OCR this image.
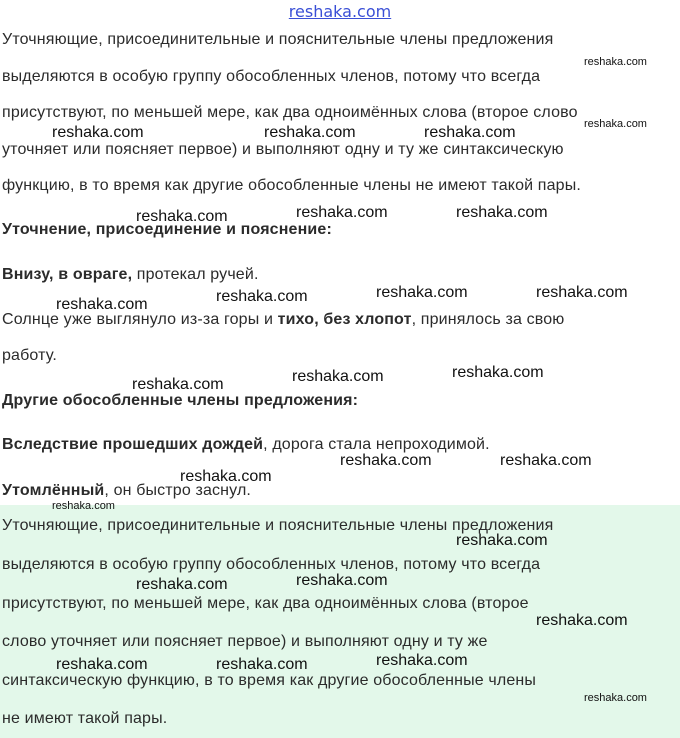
reshaka.com
Уточняющие, присоединительные и пояснительные члены предложения
выделяются в особую группу обособленных членов, потому что всегда
присутствуют, по меньшей мере, как два одноимённых слова (второе слово
уточняет или поясняет первое) и выполняют одну и ту же синтаксическую
функцию, в то время как другие обособленные члены не имеют такой пары.
Уточнение, присоединение и пояснение:
Внизу, в овраге, протекал ручей.
Солнце уже выглянуло из-за горы и тихо, без хлопот, принялось за свою
работу.
Другие обособленные члены предложения:
Вследствие прошедших дождей, дорога стала непроходимой.
Утомлённый, он быстро заснул.
Уточняющие, присоединительные и пояснительные члены предложения
выделяются в особую группу обособленных членов, потому что всегда
присутствуют, по меньшей мере, как два одноимённых слова (второе
слово уточняет или поясняет первое) и выполняют одну и ту же
синтаксическую функцию, в то время как другие обособленные члены
не имеют такой пары.
reshaka.com
reshaka.com
reshaka.com	reshaka.com	reshaka.com
reshaka.com	reshaka.com	reshaka.com
reshaka.com	reshaka.com	reshaka.com	reshaka.com
reshaka.com	reshaka.com	reshaka.com
reshaka.com	reshaka.com
reshaka.com
reshaka.com
reshaka.com
reshaka.com	reshaka.com
reshaka.com
reshaka.com	reshaka.com	reshaka.com
reshaka.com
